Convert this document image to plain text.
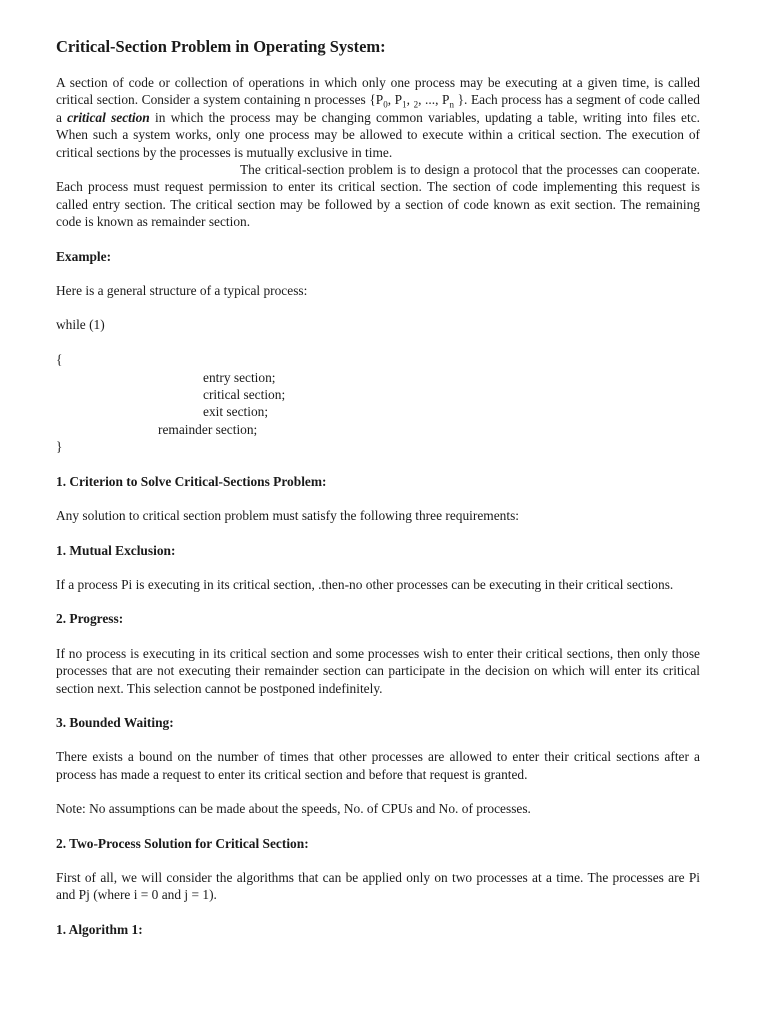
Critical-Section Problem in Operating System:
A section of code or collection of operations in which only one process may be executing at a given time, is called critical section. Consider a system containing n processes {$P_0$, $P_1$, $_2$, ..., $P_n$ }. Each process has a segment of code called a critical section in which the process may be changing common variables, updating a table, writing into files etc. When such a system works, only one process may be allowed to execute within a critical section. The execution of critical sections by the processes is mutually exclusive in time.
The critical-section problem is to design a protocol that the processes can cooperate. Each process must request permission to enter its critical section. The section of code implementing this request is called entry section. The critical section may be followed by a section of code known as exit section. The remaining code is known as remainder section.
Example:
Here is a general structure of a typical process:
while (1)
{
entry section;
critical section;
exit section;
remainder section;
}
1. Criterion to Solve Critical-Sections Problem:
Any solution to critical section problem must satisfy the following three requirements:
1. Mutual Exclusion:
If a process Pi is executing in its critical section, .then-no other processes can be executing in their critical sections.
2. Progress:
If no process is executing in its critical section and some processes wish to enter their critical sections, then only those processes that are not executing their remainder section can participate in the decision on which will enter its critical section next. This selection cannot be postponed indefinitely.
3. Bounded Waiting:
There exists a bound on the number of times that other processes are allowed to enter their critical sections after a process has made a request to enter its critical section and before that request is granted.
Note: No assumptions can be made about the speeds, No. of CPUs and No. of processes.
2. Two-Process Solution for Critical Section:
First of all, we will consider the algorithms that can be applied only on two processes at a time. The processes are Pi and Pj (where i = 0 and j = 1).
1. Algorithm 1:
